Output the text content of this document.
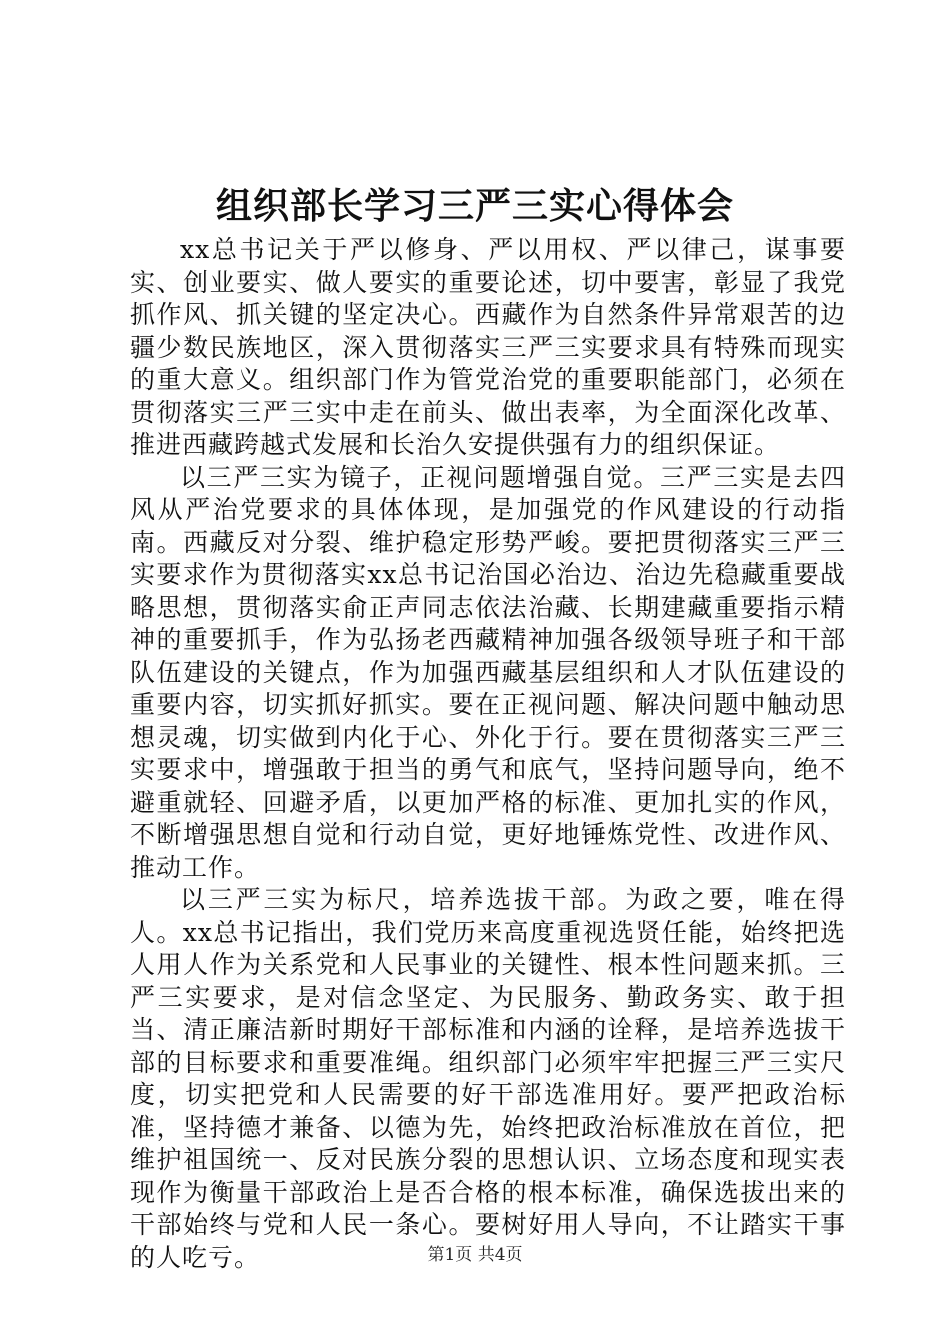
组织部长学习三严三实心得体会

xx总书记关于严以修身、严以用权、严以律己，谋事要实、创业要实、做人要实的重要论述，切中要害，彰显了我党抓作风、抓关键的坚定决心。西藏作为自然条件异常艰苦的边疆少数民族地区，深入贯彻落实三严三实要求具有特殊而现实的重大意义。组织部门作为管党治党的重要职能部门，必须在贯彻落实三严三实中走在前头、做出表率，为全面深化改革、推进西藏跨越式发展和长治久安提供强有力的组织保证。

以三严三实为镜子，正视问题增强自觉。三严三实是去四风从严治党要求的具体体现，是加强党的作风建设的行动指南。西藏反对分裂、维护稳定形势严峻。要把贯彻落实三严三实要求作为贯彻落实xx总书记治国必治边、治边先稳藏重要战略思想，贯彻落实俞正声同志依法治藏、长期建藏重要指示精神的重要抓手，作为弘扬老西藏精神加强各级领导班子和干部队伍建设的关键点，作为加强西藏基层组织和人才队伍建设的重要内容，切实抓好抓实。要在正视问题、解决问题中触动思想灵魂，切实做到内化于心、外化于行。要在贯彻落实三严三实要求中，增强敢于担当的勇气和底气，坚持问题导向，绝不避重就轻、回避矛盾，以更加严格的标准、更加扎实的作风，不断增强思想自觉和行动自觉，更好地锤炼党性、改进作风、推动工作。

以三严三实为标尺，培养选拔干部。为政之要，唯在得人。xx总书记指出，我们党历来高度重视选贤任能，始终把选人用人作为关系党和人民事业的关键性、根本性问题来抓。三严三实要求，是对信念坚定、为民服务、勤政务实、敢于担当、清正廉洁新时期好干部标准和内涵的诠释，是培养选拔干部的目标要求和重要准绳。组织部门必须牢牢把握三严三实尺度，切实把党和人民需要的好干部选准用好。要严把政治标准，坚持德才兼备、以德为先，始终把政治标准放在首位，把维护祖国统一、反对民族分裂的思想认识、立场态度和现实表现作为衡量干部政治上是否合格的根本标准，确保选拔出来的干部始终与党和人民一条心。要树好用人导向，不让踏实干事的人吃亏。	第1页 共4页
